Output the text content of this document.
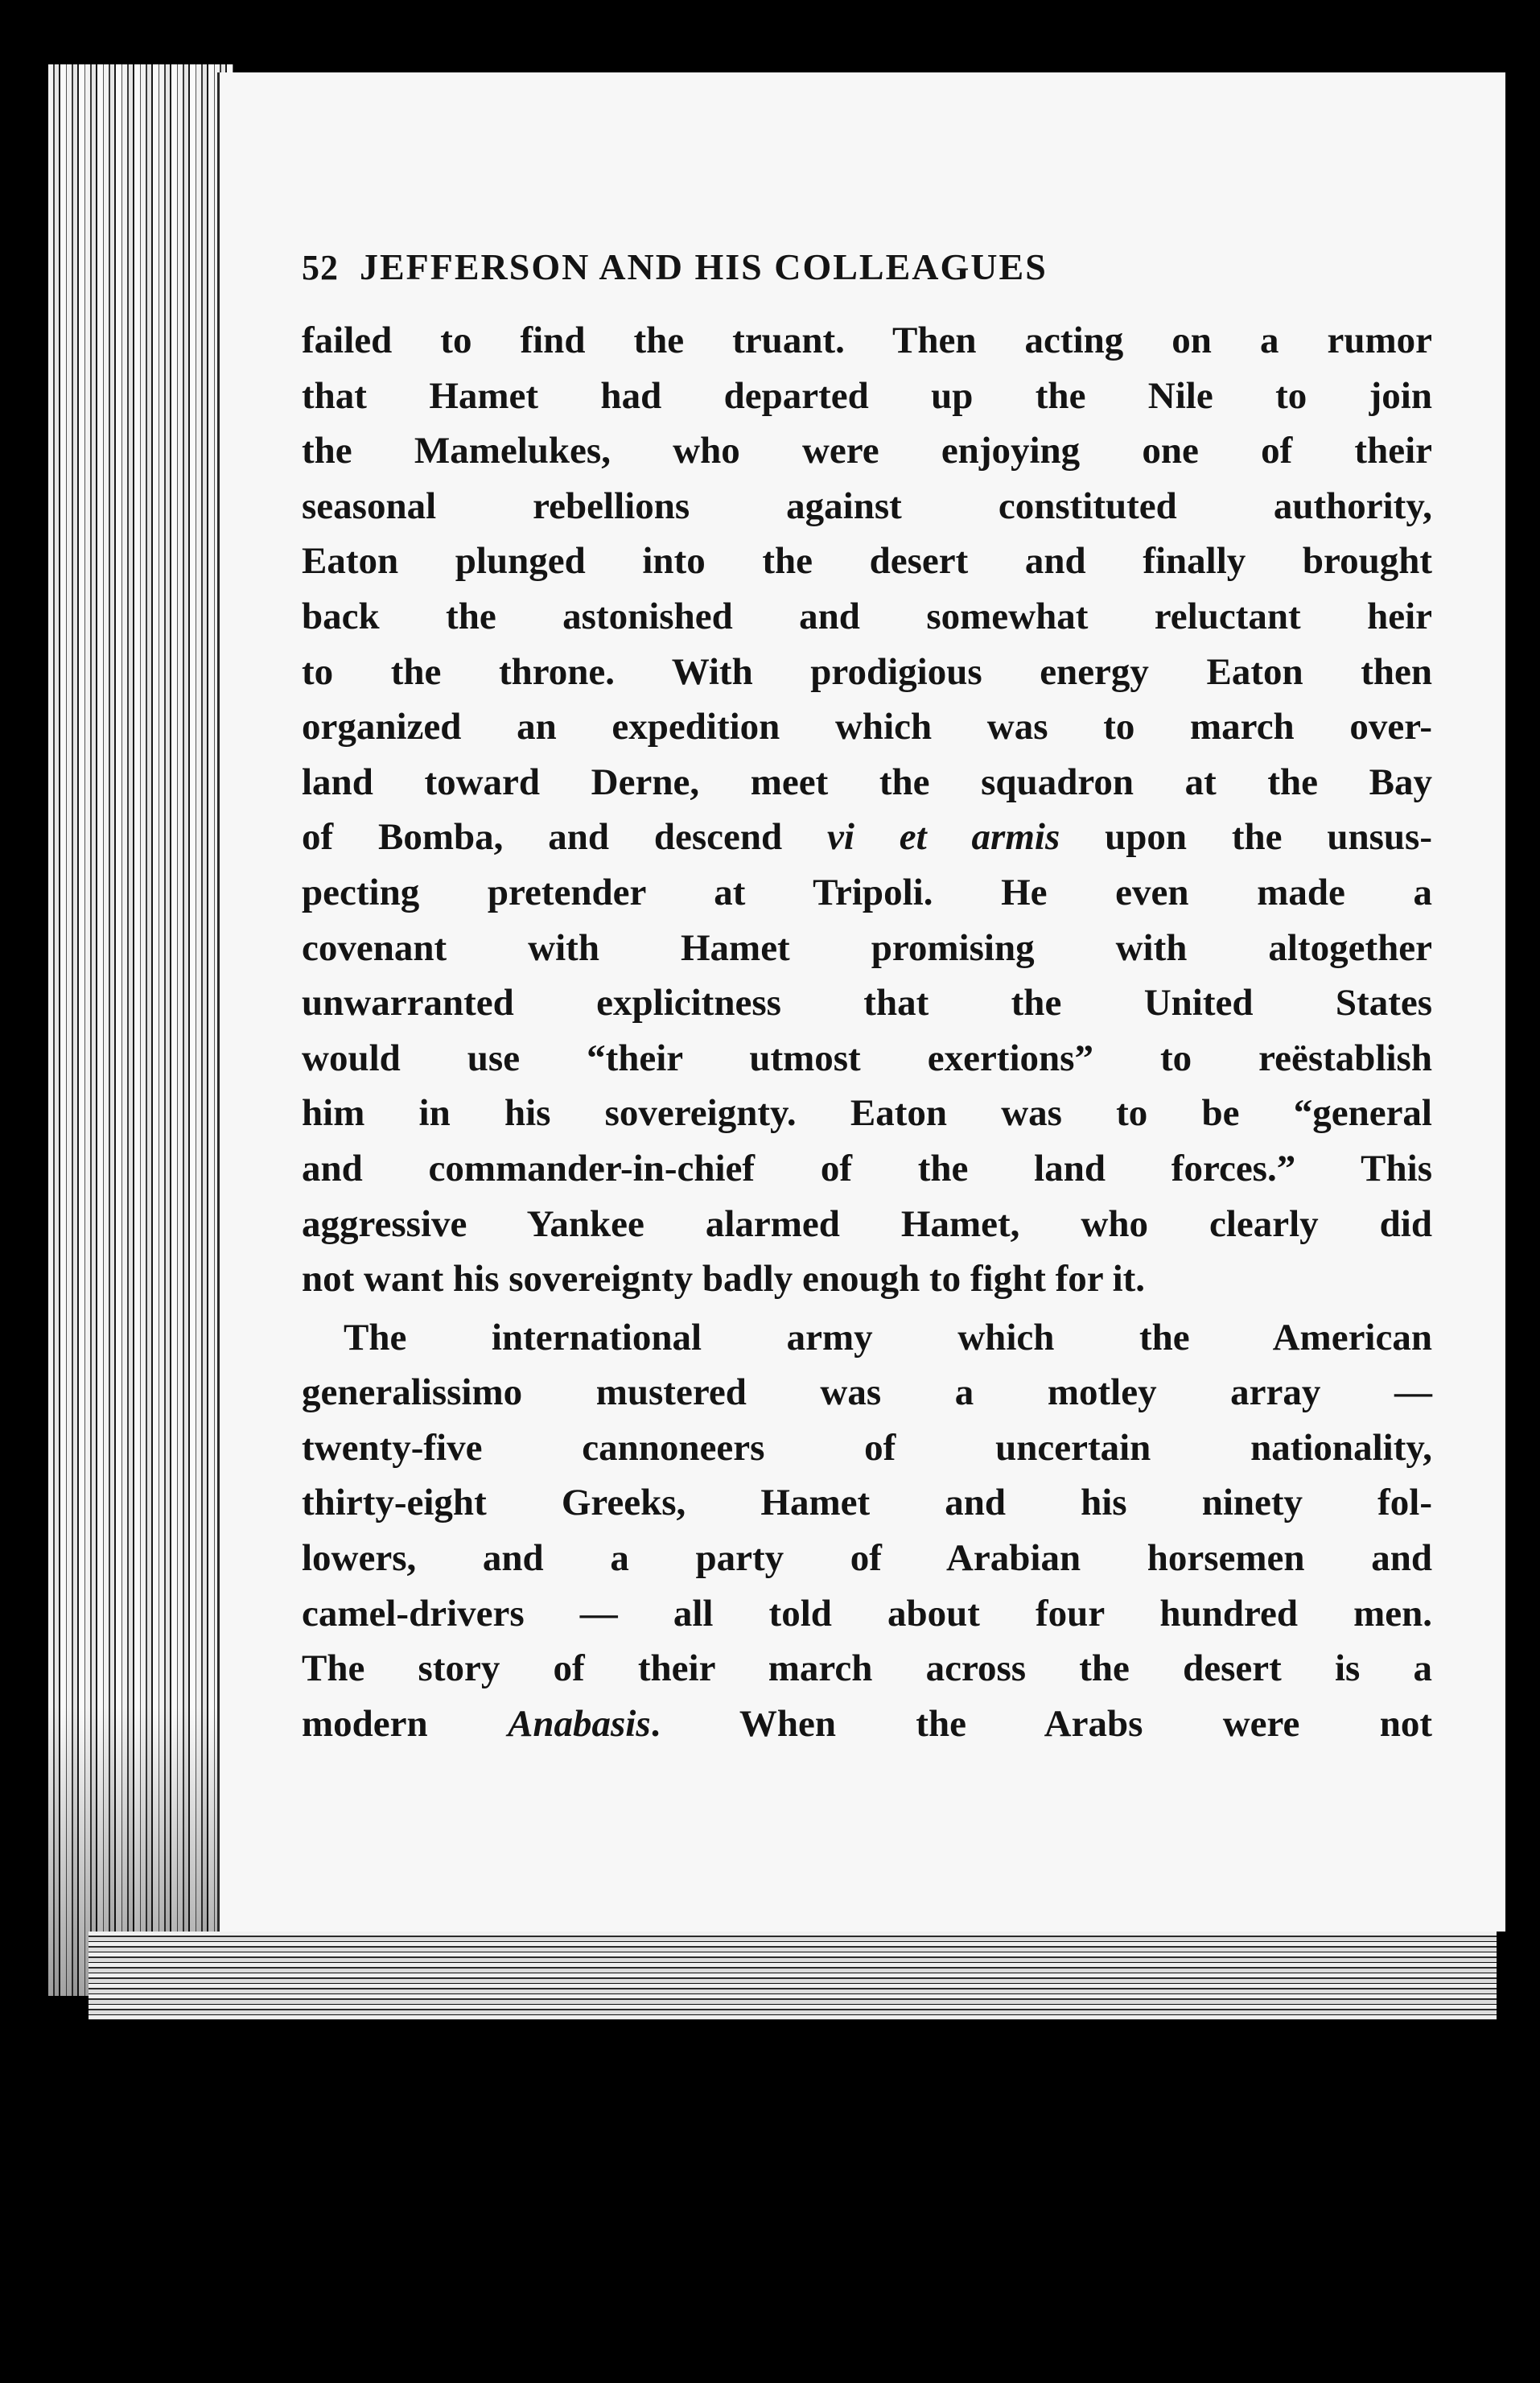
52 JEFFERSON AND HIS COLLEAGUES
failed to find the truant. Then acting on a rumor
that Hamet had departed up the Nile to join
the Mamelukes, who were enjoying one of their
seasonal rebellions against constituted authority,
Eaton plunged into the desert and finally brought
back the astonished and somewhat reluctant heir
to the throne. With prodigious energy Eaton then
organized an expedition which was to march over-
land toward Derne, meet the squadron at the Bay
of Bomba, and descend vi et armis upon the unsus-
pecting pretender at Tripoli. He even made a
covenant with Hamet promising with altogether
unwarranted explicitness that the United States
would use “their utmost exertions” to reëstablish
him in his sovereignty. Eaton was to be “general
and commander-in-chief of the land forces.” This
aggressive Yankee alarmed Hamet, who clearly did
not want his sovereignty badly enough to fight for it.
The international army which the American
generalissimo mustered was a motley array —
twenty-five cannoneers of uncertain nationality,
thirty-eight Greeks, Hamet and his ninety fol-
lowers, and a party of Arabian horsemen and
camel-drivers — all told about four hundred men.
The story of their march across the desert is a
modern Anabasis. When the Arabs were not
